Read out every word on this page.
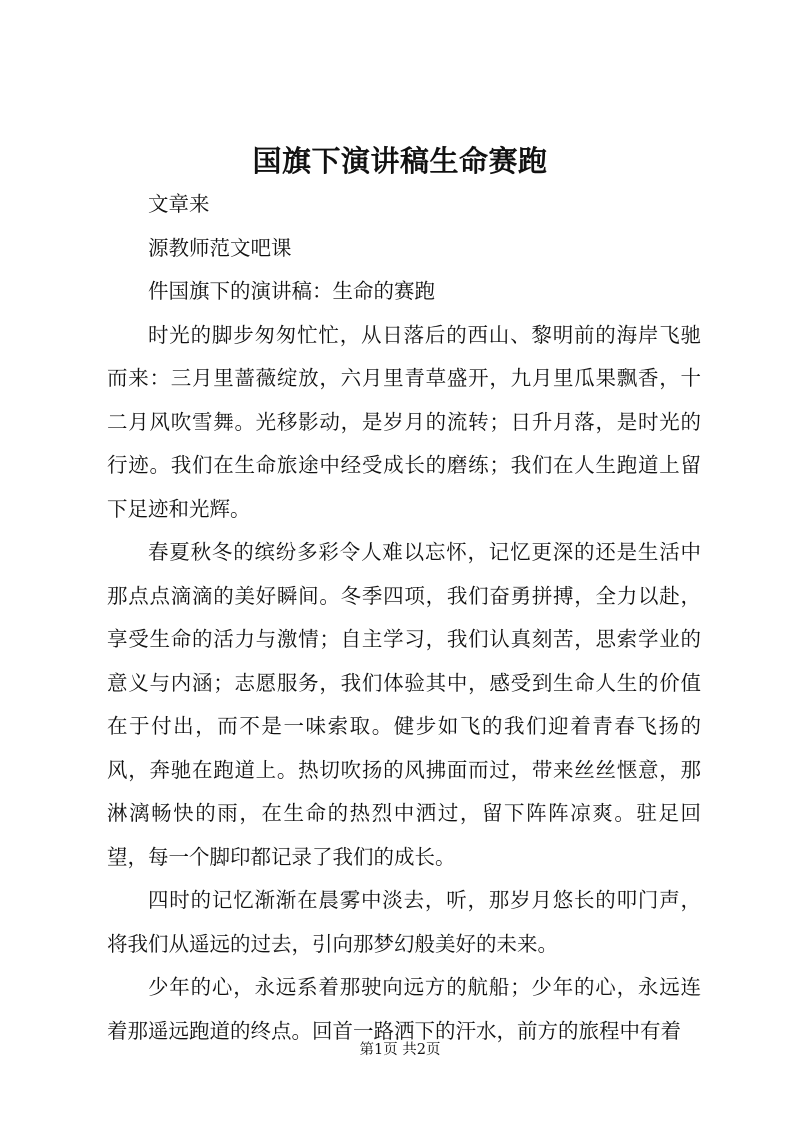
国旗下演讲稿生命赛跑

文章来

源教师范文吧课

件国旗下的演讲稿：生命的赛跑

时光的脚步匆匆忙忙，从日落后的西山、黎明前的海岸飞驰而来：三月里蔷薇绽放，六月里青草盛开，九月里瓜果飘香，十二月风吹雪舞。光移影动，是岁月的流转；日升月落，是时光的行迹。我们在生命旅途中经受成长的磨练；我们在人生跑道上留下足迹和光辉。

春夏秋冬的缤纷多彩令人难以忘怀，记忆更深的还是生活中那点点滴滴的美好瞬间。冬季四项，我们奋勇拼搏，全力以赴，享受生命的活力与激情；自主学习，我们认真刻苦，思索学业的意义与内涵；志愿服务，我们体验其中，感受到生命人生的价值在于付出，而不是一味索取。健步如飞的我们迎着青春飞扬的风，奔驰在跑道上。热切吹扬的风拂面而过，带来丝丝惬意，那淋漓畅快的雨，在生命的热烈中洒过，留下阵阵凉爽。驻足回望，每一个脚印都记录了我们的成长。

四时的记忆渐渐在晨雾中淡去，听，那岁月悠长的叩门声，将我们从遥远的过去，引向那梦幻般美好的未来。

少年的心，永远系着那驶向远方的航船；少年的心，永远连着那遥远跑道的终点。回首一路洒下的汗水，前方的旅程中有着

第1页 共2页
